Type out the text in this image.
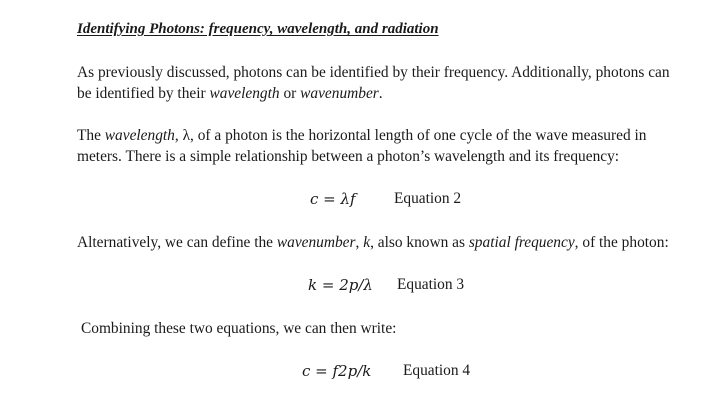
Identifying Photons: frequency, wavelength, and radiation
As previously discussed, photons can be identified by their frequency. Additionally, photons can
be identified by their wavelength or wavenumber.
The wavelength, λ, of a photon is the horizontal length of one cycle of the wave measured in
meters. There is a simple relationship between a photon’s wavelength and its frequency:
c = λf Equation 2
Alternatively, we can define the wavenumber, k, also known as spatial frequency, of the photon:
k = 2p/λ Equation 3
Combining these two equations, we can then write:
c = f2p/k Equation 4
